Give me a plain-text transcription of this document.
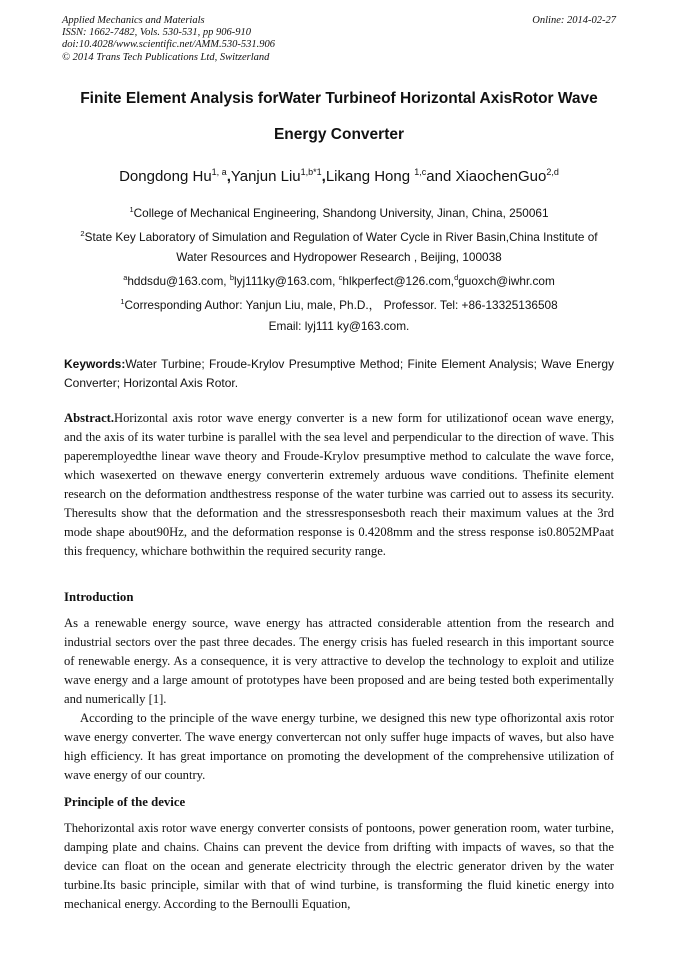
Applied Mechanics and Materials
ISSN: 1662-7482, Vols. 530-531, pp 906-910
doi:10.4028/www.scientific.net/AMM.530-531.906
© 2014 Trans Tech Publications Ltd, Switzerland
Online: 2014-02-27
Finite Element Analysis forWater Turbineof Horizontal AxisRotor Wave
Energy Converter
Dongdong Hu$^{1, a}$,Yanjun Liu$^{1,b*1}$,Likang Hong $^{1,c}$and XiaochenGuo$^{2,d}$
$^1$College of Mechanical Engineering, Shandong University, Jinan, China, 250061
$^2$State Key Laboratory of Simulation and Regulation of Water Cycle in River Basin,China Institute of
Water Resources and Hydropower Research , Beijing, 100038
$^a$hddsdu@163.com, $^b$lyj111ky@163.com, $^c$hlkperfect@126.com,$^d$guoxch@iwhr.com
$^1$Corresponding Author: Yanjun Liu, male, Ph.D.， Professor. Tel: +86-13325136508
Email: lyj111 ky@163.com.
Keywords:Water Turbine; Froude-Krylov Presumptive Method; Finite Element Analysis; Wave Energy Converter; Horizontal Axis Rotor.

Abstract.Horizontal axis rotor wave energy converter is a new form for utilizationof ocean wave energy, and the axis of its water turbine is parallel with the sea level and perpendicular to the direction of wave. This paperemployedthe linear wave theory and Froude-Krylov presumptive method to calculate the wave force, which wasexerted on thewave energy converterin extremely arduous wave conditions. Thefinite element research on the deformation andthestress response of the water turbine was carried out to assess its security. Theresults show that the deformation and the stressresponsesboth reach their maximum values at the 3rd mode shape about90Hz, and the deformation response is 0.4208mm and the stress response is0.8052MPaat this frequency, whichare bothwithin the required security range.

Introduction

As a renewable energy source, wave energy has attracted considerable attention from the research and industrial sectors over the past three decades. The energy crisis has fueled research in this important source of renewable energy. As a consequence, it is very attractive to develop the technology to exploit and utilize wave energy and a large amount of prototypes have been proposed and are being tested both experimentally and numerically [1].

According to the principle of the wave energy turbine, we designed this new type ofhorizontal axis rotor wave energy converter. The wave energy convertercan not only suffer huge impacts of waves, but also have high efficiency. It has great importance on promoting the development of the comprehensive utilization of wave energy of our country.

Principle of the device

Thehorizontal axis rotor wave energy converter consists of pontoons, power generation room, water turbine, damping plate and chains. Chains can prevent the device from drifting with impacts of waves, so that the device can float on the ocean and generate electricity through the electric generator driven by the water turbine.Its basic principle, similar with that of wind turbine, is transforming the fluid kinetic energy into mechanical energy. According to the Bernoulli Equation,
